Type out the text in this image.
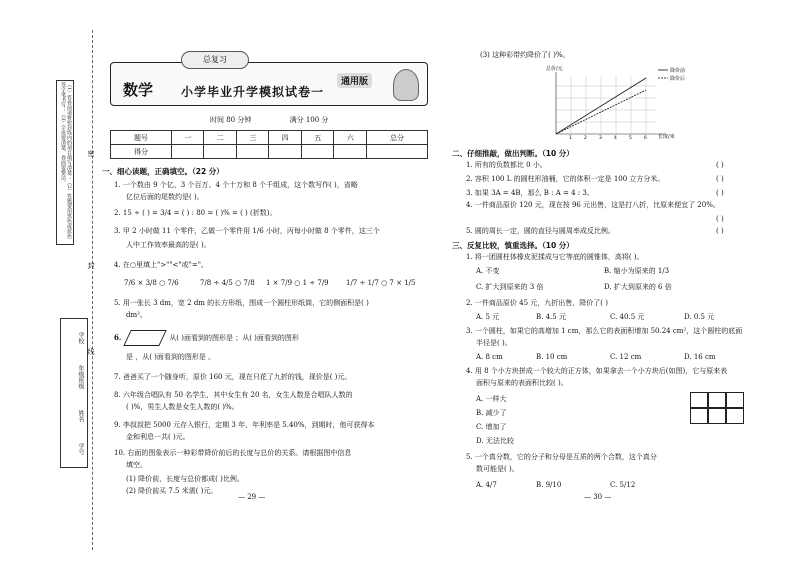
（1）答卷前请将密封线内的项目填写清楚；（2）答题要用黑色或蓝色签字笔书写；（3）字迹要清楚，卷面要整洁。
学校
年级班级
姓名
学号
密
封
线
总复习
数学 小学毕业升学模拟试卷一
通用版
时间 80 分钟	满分 100 分
题号	一	二	三	四	五	六	总分
得分							
一、细心读题，正确填空。（22 分）
1. 一个数由 9 个亿、3 个百万、4 个十万和 8 个千组成，这个数写作( )，省略
亿位后面的尾数约是( )。
2. 15 ÷ ( ) = 3/4 = ( ) : 80 = ( )% = ( ) (折数)。
3. 甲 2 小时做 11 个零件，乙做一个零件用 1/6 小时，丙每小时做 8 个零件，这三个
人中工作效率最高的是( )。
4. 在○里填上">""<"或"="。
7/6 × 3/8 ○ 7/6	7/8 ÷ 4/5 ○ 7/8 1 × 7/9 ○ 1 ÷ 7/9 1/7 ÷ 1/7 ○ 7 × 1/5
5. 用一张长 3 dm，宽 2 dm 的长方形纸，围成一个圆柱形纸筒，它的侧面积是( )
dm²。
6.	从( )面看到的图形是 ；从( )面看到的图形
是 ，从( )面看到的图形是 。
7. 爸爸买了一个随身听，原价 160 元，现在只花了九折的钱，现价是( )元。
8. 六年级合唱队有 50 名学生，其中女生有 20 名，女生人数是合唱队人数的
( )%，男生人数是女生人数的( )%。
9. 李叔叔把 5000 元存入银行，定期 3 年，年利率是 5.40%，到期时，他可获得本
金和利息一共( )元。
10. 右面的图象表示一种彩带降价前后的长度与总价的关系。请根据图中信息
填空。
(1) 降价前，长度与总价都成( )比例。
(2) 降价前买 7.5 米需( )元。
— 29 —
(3) 这种彩带约降价了( )%。
总价/元
1	2	3	4	5	6 长度/米
降价前
降价后
二、仔细推敲，做出判断。（10 分）
1. 所有的负数都比 0 小。	( )
2. 容积 100 L 的圆柱形油桶，它的体积一定是 100 立方分米。	( )
3. 如果 3A = 4B，那么 B : A = 4 : 3。	( )
4. 一件商品原价 120 元，现在按 96 元出售，这是打八折，比原来便宜了 20%。
( )
5. 圆的周长一定，圆的直径与圆周率成反比例。	( )
三、反复比较，慎重选择。（10 分）
1. 将一团圆柱体橡皮泥揉成与它等底的圆锥体，高将( )。
A. 不变	B. 缩小为原来的 1/3
C. 扩大到原来的 3 倍	D. 扩大到原来的 6 倍
2. 一件商品原价 45 元，九折出售，降价了( )
A. 5 元	B. 4.5 元	C. 40.5 元	D. 0.5 元
3. 一个圆柱，如果它的高增加 1 cm，那么它的表面积增加 50.24 cm²，这个圆柱的底面
半径是( )。
A. 8 cm	B. 10 cm	C. 12 cm	D. 16 cm
4. 用 8 个小方块拼成一个较大的正方体，如果拿去一个小方块后(如图)，它与原来表
面积与原来的表面积比较( )。
A. 一样大
B. 减少了
C. 增加了
D. 无法比较
5. 一个真分数，它的分子和分母是互质的两个合数，这个真分
数可能是( )。
A. 4/7	B. 9/10	C. 5/12
— 30 —
